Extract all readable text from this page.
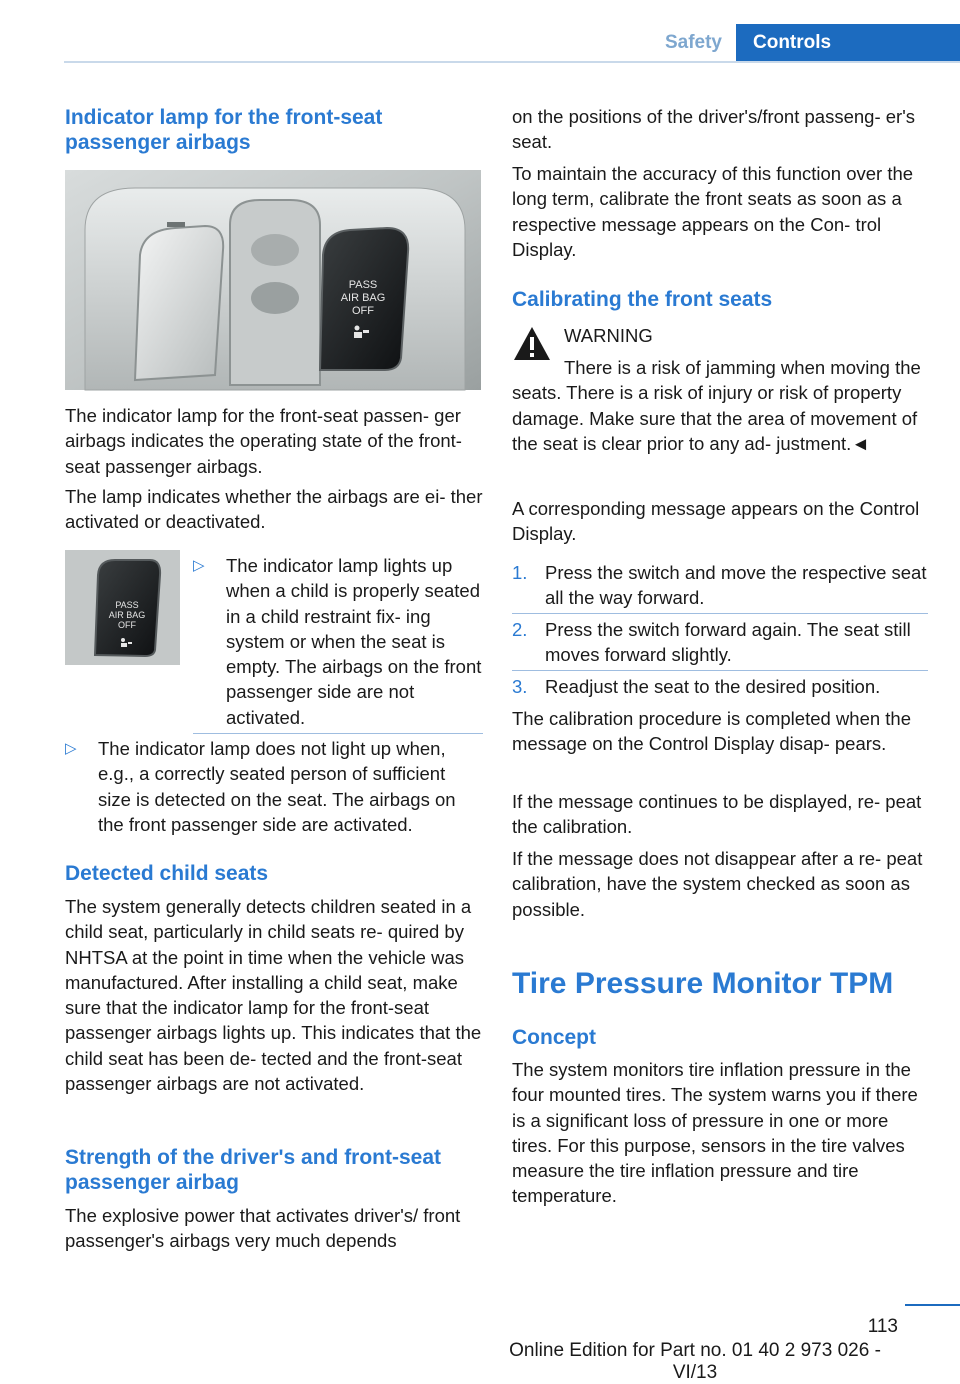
Safety	Controls
Indicator lamp for the front-seat passenger airbags
PASS
AIR BAG
OFF
The indicator lamp for the front-seat passen- ger airbags indicates the operating state of the front-seat passenger airbags.
The lamp indicates whether the airbags are ei- ther activated or deactivated.
PASS
AIR BAG
OFF
▷ The indicator lamp lights up when a child is properly seated in a child restraint fix- ing system or when the seat is empty. The airbags on the front passenger side are not activated.
▷ The indicator lamp does not light up when, e.g., a correctly seated person of sufficient size is detected on the seat. The airbags on the front passenger side are activated.
Detected child seats
The system generally detects children seated in a child seat, particularly in child seats re- quired by NHTSA at the point in time when the vehicle was manufactured. After installing a child seat, make sure that the indicator lamp for the front-seat passenger airbags lights up. This indicates that the child seat has been de- tected and the front-seat passenger airbags are not activated.
Strength of the driver's and front-seat passenger airbag
The explosive power that activates driver's/ front passenger's airbags very much depends
on the positions of the driver's/front passeng- er's seat.
To maintain the accuracy of this function over the long term, calibrate the front seats as soon as a respective message appears on the Con- trol Display.
Calibrating the front seats
WARNING
There is a risk of jamming when moving the seats. There is a risk of injury or risk of property damage. Make sure that the area of movement of the seat is clear prior to any ad- justment.◄
A corresponding message appears on the Control Display.
1. Press the switch and move the respective seat all the way forward.
2. Press the switch forward again. The seat still moves forward slightly.
3. Readjust the seat to the desired position.
The calibration procedure is completed when the message on the Control Display disap- pears.
If the message continues to be displayed, re- peat the calibration.
If the message does not disappear after a re- peat calibration, have the system checked as soon as possible.
Tire Pressure Monitor TPM
Concept
The system monitors tire inflation pressure in the four mounted tires. The system warns you if there is a significant loss of pressure in one or more tires. For this purpose, sensors in the tire valves measure the tire inflation pressure and tire temperature.
113
Online Edition for Part no. 01 40 2 973 026 - VI/13
